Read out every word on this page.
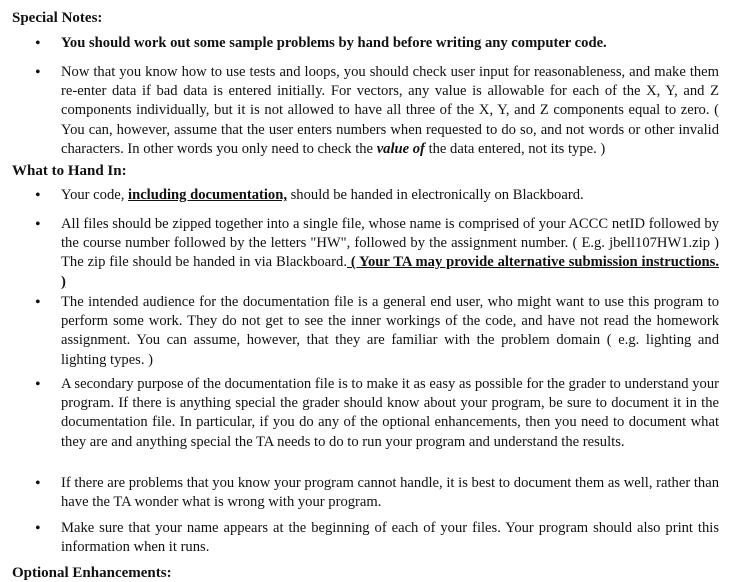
Special Notes:
• You should work out some sample problems by hand before writing any computer code.
• Now that you know how to use tests and loops, you should check user input for reasonableness, and make them re-enter data if bad data is entered initially. For vectors, any value is allowable for each of the X, Y, and Z components individually, but it is not allowed to have all three of the X, Y, and Z components equal to zero. ( You can, however, assume that the user enters numbers when requested to do so, and not words or other invalid characters. In other words you only need to check the value of the data entered, not its type. )
What to Hand In:
• Your code, including documentation, should be handed in electronically on Blackboard.
• All files should be zipped together into a single file, whose name is comprised of your ACCC netID followed by the course number followed by the letters "HW", followed by the assignment number. ( E.g. jbell107HW1.zip ) The zip file should be handed in via Blackboard. ( Your TA may provide alternative submission instructions. )
• The intended audience for the documentation file is a general end user, who might want to use this program to perform some work. They do not get to see the inner workings of the code, and have not read the homework assignment. You can assume, however, that they are familiar with the problem domain ( e.g. lighting and lighting types. )
• A secondary purpose of the documentation file is to make it as easy as possible for the grader to understand your program. If there is anything special the grader should know about your program, be sure to document it in the documentation file. In particular, if you do any of the optional enhancements, then you need to document what they are and anything special the TA needs to do to run your program and understand the results.
• If there are problems that you know your program cannot handle, it is best to document them as well, rather than have the TA wonder what is wrong with your program.
• Make sure that your name appears at the beginning of each of your files. Your program should also print this information when it runs.
Optional Enhancements:
